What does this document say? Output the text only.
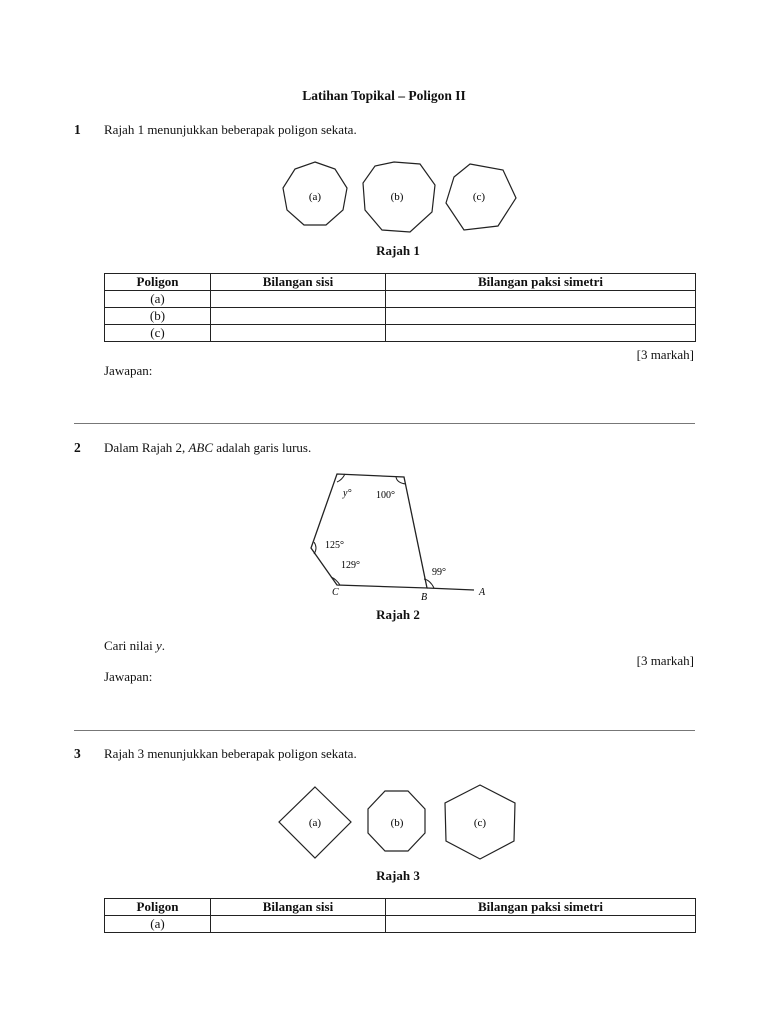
Latihan Topikal – Poligon II
1 Rajah 1 menunjukkan beberapak poligon sekata.
(a)	(b)	(c)
Rajah 1
Poligon	Bilangan sisi	Bilangan paksi simetri
(a)		
(b)		
(c)		
[3 markah]
Jawapan:
2 Dalam Rajah 2, ABC adalah garis lurus.
y° 100°
125°
129°
99°
C	B	A
Rajah 2
Cari nilai y.
[3 markah]
Jawapan:
3 Rajah 3 menunjukkan beberapak poligon sekata.
(a)	(b)	(c)
Rajah 3
Poligon	Bilangan sisi	Bilangan paksi simetri
(a)		
